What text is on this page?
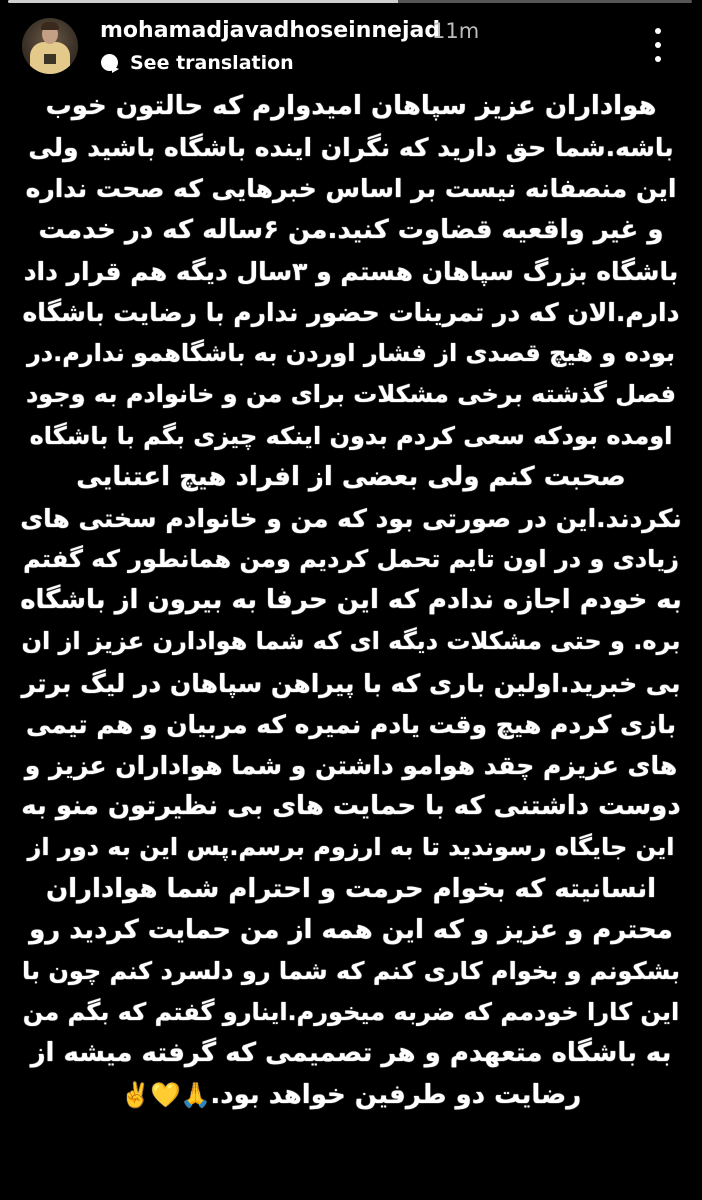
mohamadjavadhoseinnejad
11m
See translation
هواداران عزیز سپاهان امیدوارم که حالتون خوب
باشه.شما حق دارید که نگران اینده باشگاه باشید ولی
این منصفانه نیست بر اساس خبرهایی که صحت نداره
و غیر واقعیه قضاوت کنید.من ۶ساله که در خدمت
باشگاه بزرگ سپاهان هستم و ۳سال دیگه هم قرار داد
دارم.الان که در تمرینات حضور ندارم با رضایت باشگاه
بوده و هیچ قصدی از فشار اوردن به باشگاهمو ندارم.در
فصل گذشته برخی مشکلات برای من و خانوادم به وجود
اومده بودکه سعی کردم بدون اینکه چیزی بگم با باشگاه
صحبت کنم ولی بعضی از افراد هیچ اعتنایی
نکردند.این در صورتی بود که من و خانوادم سختی های
زیادی و در اون تایم تحمل کردیم ومن همانطور که گفتم
به خودم اجازه ندادم که این حرفا به بیرون از باشگاه
بره. و حتی مشکلات دیگه ای که شما هوادارن عزیز از ان
بی خبرید.اولین باری که با پیراهن سپاهان در لیگ برتر
بازی کردم هیچ وقت یادم نمیره که مربیان و هم تیمی
های عزیزم چقد هوامو داشتن و شما هواداران عزیز و
دوست داشتنی که با حمایت های بی نظیرتون منو به
این جایگاه رسوندید تا به ارزوم برسم.پس این به دور از
انسانیته که بخوام حرمت و احترام شما هواداران
محترم و عزیز و که این همه از من حمایت کردید رو
بشکونم و بخوام کاری کنم که شما رو دلسرد کنم چون با
این کارا خودمم که ضربه میخورم.اینارو گفتم که بگم من
به باشگاه متعهدم و هر تصمیمی که گرفته میشه از
رضایت دو طرفین خواهد بود.🙏💛✌️
